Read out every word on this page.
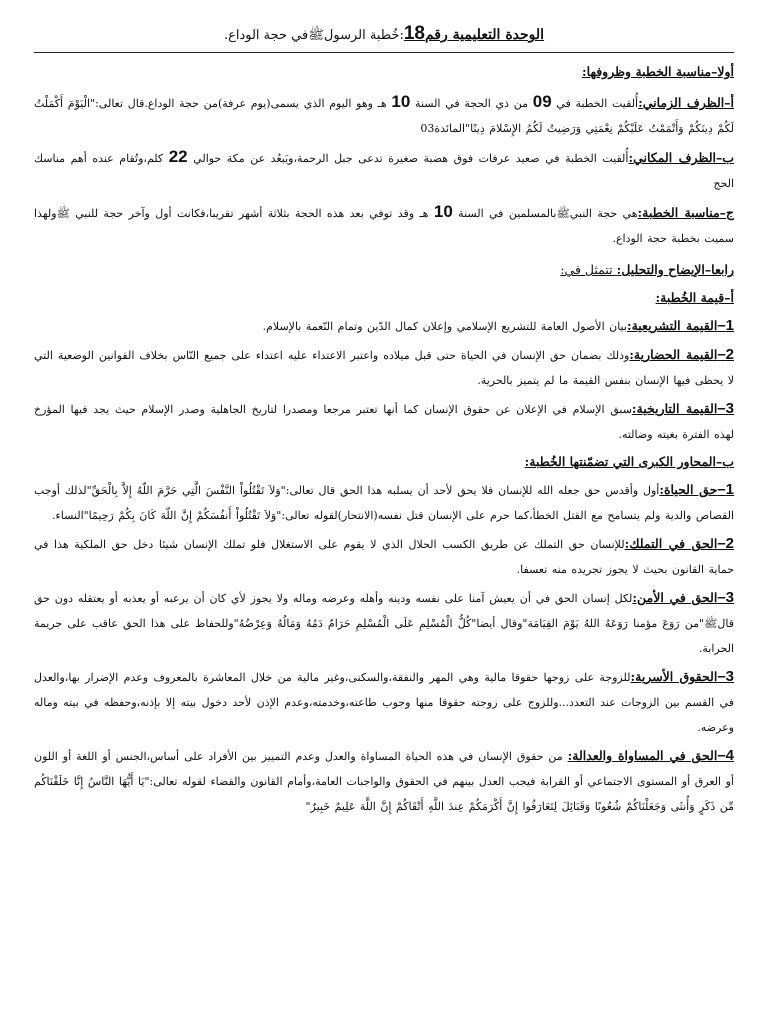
الوحدة التعليمية رقم18:خُطبة الرسولﷺفي حجة الوداع.
أولا–مناسبة الخطبة وظروفها:

أ–الظرف الزماني:أُلقيت الخطبة في 09 من ذي الحجة في السنة 10 هـ وهو اليوم الذي يسمى(يوم عرفة)من حجة الوداع.قال تعالى:"الْيَوْمَ أَكْمَلْتُ لَكُمْ دِينَكُمْ وَأَتْمَمْتُ عَلَيْكُمْ نِعْمَتِي وَرَضِيتُ لَكُمُ الإِسْلامَ دِينًا"المائدة03

ب–الظرف المكاني:أُلقيت الخطبة في صعيد عرفات فوق هضبة صغيرة تدعى جبل الرحمة،ويَبعُد عن مكة حوالي 22 كلم،وتُقام عنده أهم مناسك الحج

ج–مناسبة الخطبة:هي حجة النبيﷺبالمسلمين في السنة 10 هـ وقد توفي بعد هذه الحجة بثلاثة أشهر تقريبا،فكانت أول وآخر حجة للنبي ﷺولهذا سميت بخطبة حجة الوداع.

رابعا–الإيضاح والتحليل: تتمثل في:
أ–قيمة الخُطبة:

1–القيمة التشريعية:بيان الأصول العامة للتشريع الإسلامي وإعلان كمال الدّين وتمام النّعمة بالإسلام.

2–القيمة الحضارية:وذلك بضمان حق الإنسان في الحياة حتى قبل ميلاده واعتبر الاعتداء عليه اعتداء على جميع النّاس بخلاف القوانين الوضعية التي لا يحظى فيها الإنسان بنفس القيمة ما لم يتميز بالحرية.

3–القيمة التاريخية:سبق الإسلام في الإعلان عن حقوق الإنسان كما أنها تعتبر مرجعا ومصدرا لتاريخ الجاهلية وصدر الإسلام حيث يجد فيها المؤرخ لهذه الفترة بغيته وضالته.

ب–المحاور الكبرى التي تضمّنتها الخُطبة:

1–حق الحياة:أول وأقدس حق جعله الله للإنسان فلا يحق لأحد أن يسلبه هذا الحق قال تعالى:"وَلاَ تَقْتُلُواْ النَّفْسَ الَّتِي حَرَّمَ اللّهُ إِلاَّ بِالْحَقِّ"لذلك أوجب القصاص والدية ولم يتسامح مع القتل الخطأ،كما حرم على الإنسان قتل نفسه(الانتحار)لقوله تعالى:"وَلاَ تَقْتُلُواْ أَنفُسَكُمْ إِنَّ اللّهَ كَانَ بِكُمْ رَحِيمًا"النساء.

2–الحق في التملك:للإنسان حق التملك عن طريق الكسب الحلال الذي لا يقوم على الاستغلال فلو تملك الإنسان شيئا دخل حق الملكية هذا في حماية القانون بحيث لا يجوز تجريده منه تعسفا.

3–الحق في الأمن:لكل إنسان الحق في أن يعيش آمنا على نفسه ودينه وأهله وعرضه وماله ولا يجوز لأي كان أن يرعبه أو يعذبه أو يعتقله دون حق قالﷺ"من رَوَعَ مؤمنا رَوَعَهُ اللهُ يَوْمَ القِيَامَة"وقال أيضا"كُلُّ الْمُسْلِمِ عَلَى الْمُسْلِمِ حَرَامٌ دَمُهُ وَمَالُهُ وَعِرْضُهُ"وللحفاظ على هذا الحق عاقب على جريمة الحرابة.

3–الحقوق الأسرية:للزوجة على زوجها حقوقا مالية وهي المهر والنفقة،والسكنى،وغير مالية من خلال المعاشرة بالمعروف وعدم الإضرار بها،والعدل في القسم بين الزوجات عند التعدد...وللزوج على زوجته حقوقا منها وجوب طاعته،وخدمته،وعدم الإذن لأحد دخول بيته إلا بإذنه،وحفظه في بيته وماله وعرضه.

4–الحق في المساواة والعدالة: من حقوق الإنسان في هذه الحياة المساواة والعدل وعدم التمييز بين الأفراد على أساس،الجنس أو اللغة أو اللون أو العرق أو المستوى الاجتماعي أو القرابة فيجب العدل بينهم في الحقوق والواجبات العامة،وأمام القانون والقضاء لقوله تعالى:"يَا أَيُّهَا النَّاسُ إِنَّا خَلَقْنَاكُم مِّن ذَكَرٍ وَأُنثَى وَجَعَلْنَاكُمْ شُعُوبًا وَقَبَائِلَ لِتَعَارَفُوا إِنَّ أَكْرَمَكُمْ عِندَ اللَّهِ أَتْقَاكُمْ إِنَّ اللَّهَ عَلِيمٌ خَبِيرٌ"
